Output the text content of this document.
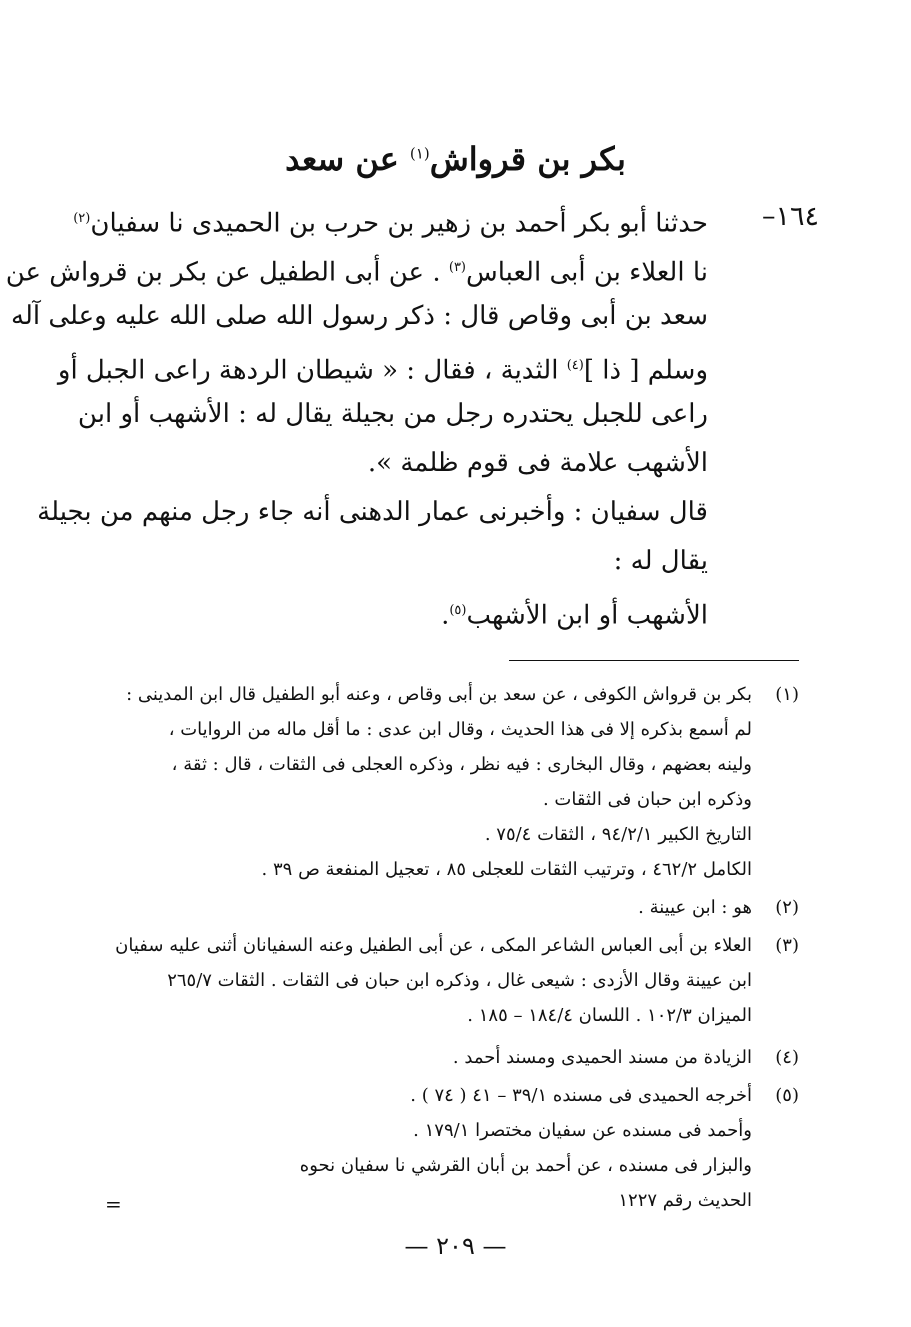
بكر بن قرواش$^{(١)}$ عن سعد
١٦٤–
حدثنا أبو بكر أحمد بن زهير بن حرب بن الحميدى نا سفيان$^{(٢)}$
نا العلاء بن أبى العباس$^{(٣)}$ . عن أبى الطفيل عن بكر بن قرواش عن
سعد بن أبى وقاص قال : ذكر رسول الله صلى الله عليه وعلى آله
وسلم [ ذا ]$^{(٤)}$ الثدية ، فقال : « شيطان الردهة راعى الجبل أو
راعى للجبل يحتدره رجل من بجيلة يقال له : الأشهب أو ابن
الأشهب علامة فى قوم ظلمة ».
قال سفيان : وأخبرنى عمار الدهنى أنه جاء رجل منهم من بجيلة
يقال له :
الأشهب أو ابن الأشهب$^{(٥)}$.
(١)
بكر بن قرواش الكوفى ، عن سعد بن أبى وقاص ، وعنه أبو الطفيل قال ابن المدينى :
لم أسمع بذكره إلا فى هذا الحديث ، وقال ابن عدى : ما أقل ماله من الروايات ،
ولينه بعضهم ، وقال البخارى : فيه نظر ، وذكره العجلى فى الثقات ، قال : ثقة ،
وذكره ابن حبان فى الثقات .
التاريخ الكبير ٩٤/٢/١ ، الثقات ٧٥/٤ .
الكامل ٤٦٢/٢ ، وترتيب الثقات للعجلى ٨٥ ، تعجيل المنفعة ص ٣٩ .
(٢)
هو : ابن عيينة .
(٣)
العلاء بن أبى العباس الشاعر المكى ، عن أبى الطفيل وعنه السفيانان أثنى عليه سفيان
ابن عيينة وقال الأزدى : شيعى غال ، وذكره ابن حبان فى الثقات . الثقات ٢٦٥/٧
الميزان ١٠٢/٣ . اللسان ١٨٤/٤ – ١٨٥ .
(٤)
الزيادة من مسند الحميدى ومسند أحمد .
(٥)
أخرجه الحميدى فى مسنده ٣٩/١ – ٤١ ( ٧٤ ) .
وأحمد فى مسنده عن سفيان مختصرا ١٧٩/١ .
والبزار فى مسنده ، عن أحمد بن أبان القرشي نا سفيان نحوه
الحديث رقم ١٢٢٧
=
— ٢٠٩ —
